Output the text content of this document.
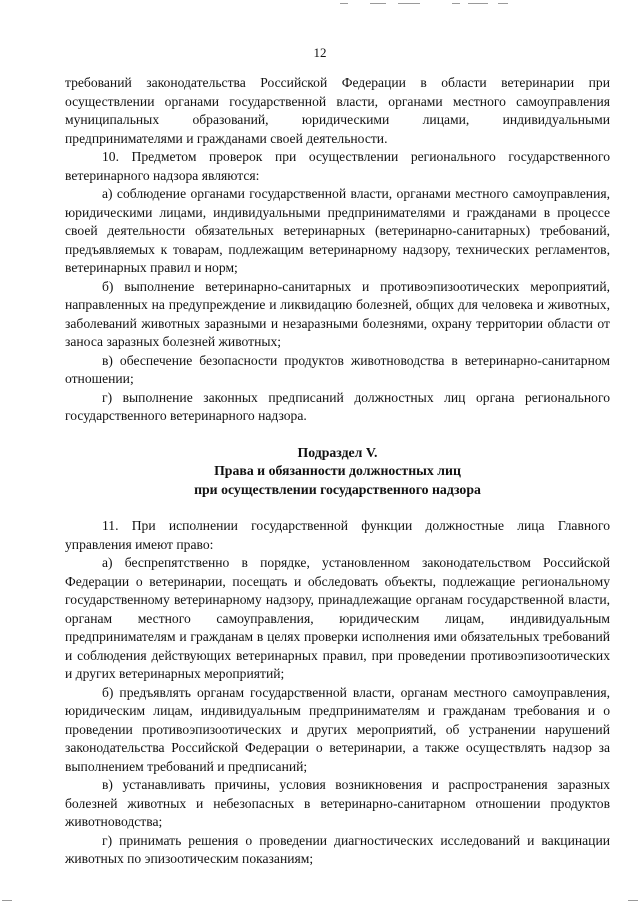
12

требований законодательства Российской Федерации в области ветеринарии при осуществлении органами государственной власти, органами местного самоуправления муниципальных образований, юридическими лицами, индивидуальными предпринимателями и гражданами своей деятельности.

10. Предметом проверок при осуществлении регионального государственного ветеринарного надзора являются:

а) соблюдение органами государственной власти, органами местного самоуправления, юридическими лицами, индивидуальными предпринимателями и гражданами в процессе своей деятельности обязательных ветеринарных (ветеринарно-санитарных) требований, предъявляемых к товарам, подлежащим ветеринарному надзору, технических регламентов, ветеринарных правил и норм;

б) выполнение ветеринарно-санитарных и противоэпизоотических мероприятий, направленных на предупреждение и ликвидацию болезней, общих для человека и животных, заболеваний животных заразными и незаразными болезнями, охрану территории области от заноса заразных болезней животных;

в) обеспечение безопасности продуктов животноводства в ветеринарно-санитарном отношении;

г) выполнение законных предписаний должностных лиц органа регионального государственного ветеринарного надзора.

Подраздел V.

Права и обязанности должностных лиц

при осуществлении государственного надзора

11. При исполнении государственной функции должностные лица Главного управления имеют право:

а) беспрепятственно в порядке, установленном законодательством Российской Федерации о ветеринарии, посещать и обследовать объекты, подлежащие региональному государственному ветеринарному надзору, принадлежащие органам государственной власти, органам местного самоуправления, юридическим лицам, индивидуальным предпринимателям и гражданам в целях проверки исполнения ими обязательных требований и соблюдения действующих ветеринарных правил, при проведении противоэпизоотических и других ветеринарных мероприятий;

б) предъявлять органам государственной власти, органам местного самоуправления, юридическим лицам, индивидуальным предпринимателям и гражданам требования и о проведении противоэпизоотических и других мероприятий, об устранении нарушений законодательства Российской Федерации о ветеринарии, а также осуществлять надзор за выполнением требований и предписаний;

в) устанавливать причины, условия возникновения и распространения заразных болезней животных и небезопасных в ветеринарно-санитарном отношении продуктов животноводства;

г) принимать решения о проведении диагностических исследований и вакцинации животных по эпизоотическим показаниям;
